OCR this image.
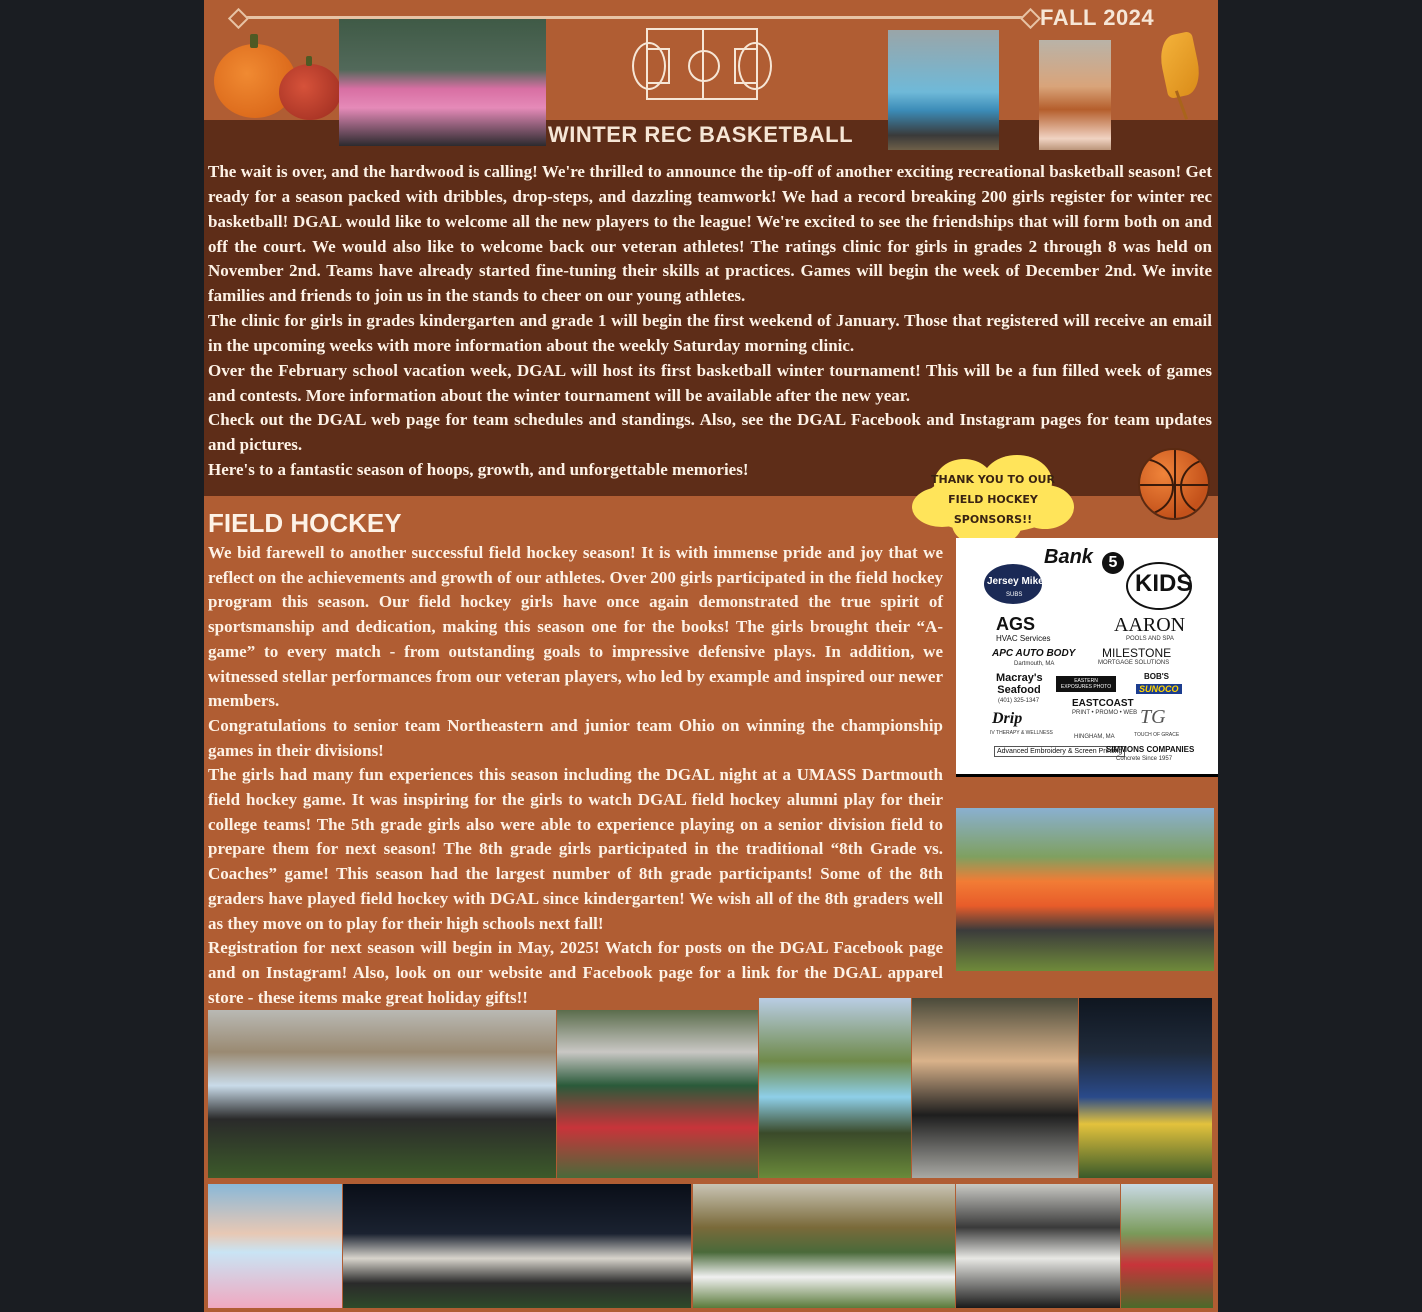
FALL 2024
WINTER REC BASKETBALL

The wait is over, and the hardwood is calling! We're thrilled to announce the tip-off of another exciting recreational basketball season! Get ready for a season packed with dribbles, drop-steps, and dazzling teamwork! We had a record breaking 200 girls register for winter rec basketball! DGAL would like to welcome all the new players to the league! We're excited to see the friendships that will form both on and off the court. We would also like to welcome back our veteran athletes! The ratings clinic for girls in grades 2 through 8 was held on November 2nd. Teams have already started fine-tuning their skills at practices. Games will begin the week of December 2nd. We invite families and friends to join us in the stands to cheer on our young athletes.

The clinic for girls in grades kindergarten and grade 1 will begin the first weekend of January. Those that registered will receive an email in the upcoming weeks with more information about the weekly Saturday morning clinic.

Over the February school vacation week, DGAL will host its first basketball winter tournament! This will be a fun filled week of games and contests. More information about the winter tournament will be available after the new year.

Check out the DGAL web page for team schedules and standings. Also, see the DGAL Facebook and Instagram pages for team updates and pictures.

Here's to a fantastic season of hoops, growth, and unforgettable memories!

THANK YOU TO OUR FIELD HOCKEY SPONSORS!!
FIELD HOCKEY

We bid farewell to another successful field hockey season! It is with immense pride and joy that we reflect on the achievements and growth of our athletes. Over 200 girls participated in the field hockey program this season. Our field hockey girls have once again demonstrated the true spirit of sportsmanship and dedication, making this season one for the books! The girls brought their “A-game” to every match - from outstanding goals to impressive defensive plays. In addition, we witnessed stellar performances from our veteran players, who led by example and inspired our newer members.

Congratulations to senior team Northeastern and junior team Ohio on winning the championship games in their divisions!

The girls had many fun experiences this season including the DGAL night at a UMASS Dartmouth field hockey game. It was inspiring for the girls to watch DGAL field hockey alumni play for their college teams! The 5th grade girls also were able to experience playing on a senior division field to prepare them for next season! The 8th grade girls participated in the traditional “8th Grade vs. Coaches” game! This season had the largest number of 8th grade participants! Some of the 8th graders have played field hockey with DGAL since kindergarten! We wish all of the 8th graders well as they move on to play for their high schools next fall!

Registration for next season will begin in May, 2025! Watch for posts on the DGAL Facebook page and on Instagram! Also, look on our website and Facebook page for a link for the DGAL apparel store - these items make great holiday gifts!!

Bank 5
Jersey Mike's
SUBS	KIDS
AGS
HVAC Services
AARON
POOLS AND SPA
APC AUTO BODY
Dartmouth, MA
MILESTONE
MORTGAGE SOLUTIONS
Macray's Seafood
(401) 325-1347
EASTERN EXPOSURES PHOTO
BOB'S
SUNOCO
EASTCOAST
PRINT • PROMO • WEB
HINGHAM, MA
Drip
IV THERAPY & WELLNESS
TG
TOUCH OF GRACE
Advanced Embroidery & Screen Printing
SIMMONS COMPANIES
Concrete Since 1957
